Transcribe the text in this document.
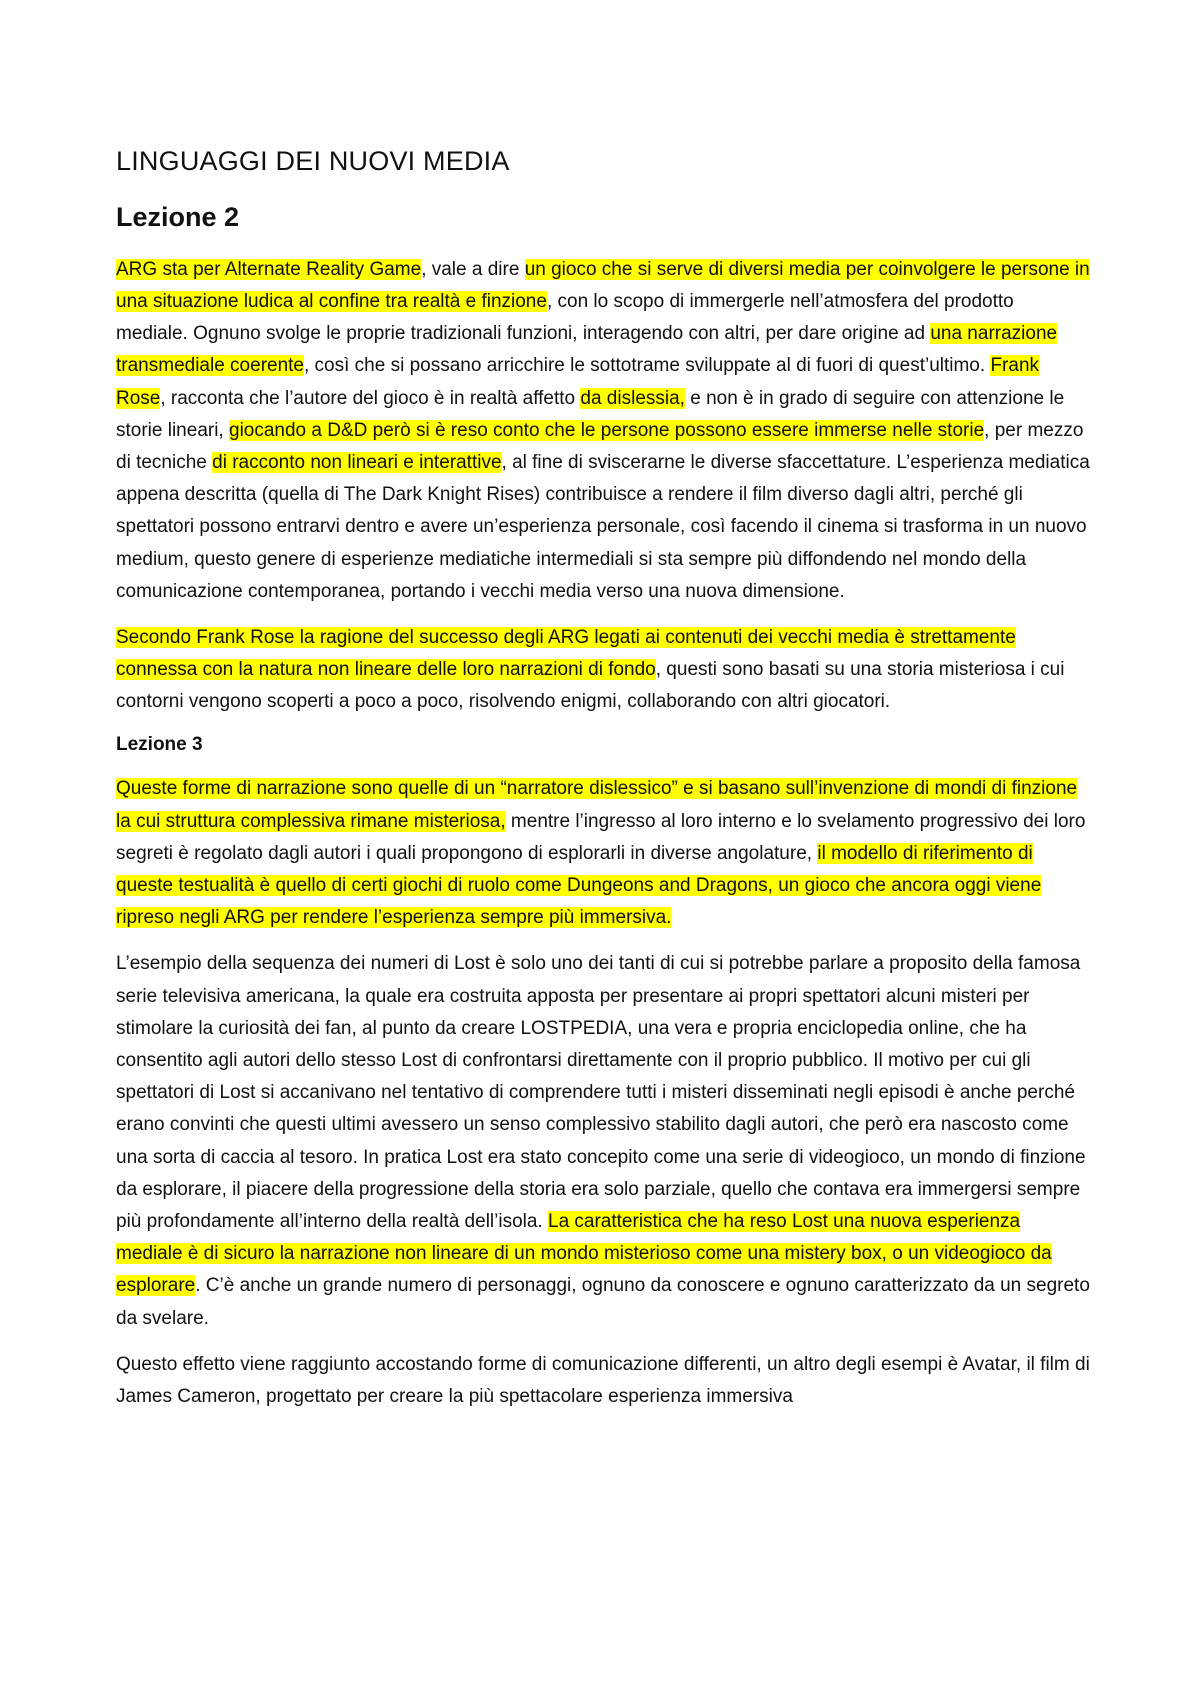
LINGUAGGI DEI NUOVI MEDIA
Lezione 2

ARG sta per Alternate Reality Game, vale a dire un gioco che si serve di diversi media per coinvolgere le persone in una situazione ludica al confine tra realtà e finzione, con lo scopo di immergerle nell’atmosfera del prodotto mediale. Ognuno svolge le proprie tradizionali funzioni, interagendo con altri, per dare origine ad una narrazione transmediale coerente, così che si possano arricchire le sottotrame sviluppate al di fuori di quest’ultimo. Frank Rose, racconta che l’autore del gioco è in realtà affetto da dislessia, e non è in grado di seguire con attenzione le storie lineari, giocando a D&D però si è reso conto che le persone possono essere immerse nelle storie, per mezzo di tecniche di racconto non lineari e interattive, al fine di sviscerarne le diverse sfaccettature. L’esperienza mediatica appena descritta (quella di The Dark Knight Rises) contribuisce a rendere il film diverso dagli altri, perché gli spettatori possono entrarvi dentro e avere un’esperienza personale, così facendo il cinema si trasforma in un nuovo medium, questo genere di esperienze mediatiche intermediali si sta sempre più diffondendo nel mondo della comunicazione contemporanea, portando i vecchi media verso una nuova dimensione.

Secondo Frank Rose la ragione del successo degli ARG legati ai contenuti dei vecchi media è strettamente connessa con la natura non lineare delle loro narrazioni di fondo, questi sono basati su una storia misteriosa i cui contorni vengono scoperti a poco a poco, risolvendo enigmi, collaborando con altri giocatori.

Lezione 3

Queste forme di narrazione sono quelle di un “narratore dislessico” e si basano sull’invenzione di mondi di finzione la cui struttura complessiva rimane misteriosa, mentre l’ingresso al loro interno e lo svelamento progressivo dei loro segreti è regolato dagli autori i quali propongono di esplorarli in diverse angolature, il modello di riferimento di queste testualità è quello di certi giochi di ruolo come Dungeons and Dragons, un gioco che ancora oggi viene ripreso negli ARG per rendere l’esperienza sempre più immersiva.

L’esempio della sequenza dei numeri di Lost è solo uno dei tanti di cui si potrebbe parlare a proposito della famosa serie televisiva americana, la quale era costruita apposta per presentare ai propri spettatori alcuni misteri per stimolare la curiosità dei fan, al punto da creare LOSTPEDIA, una vera e propria enciclopedia online, che ha consentito agli autori dello stesso Lost di confrontarsi direttamente con il proprio pubblico. Il motivo per cui gli spettatori di Lost si accanivano nel tentativo di comprendere tutti i misteri disseminati negli episodi è anche perché erano convinti che questi ultimi avessero un senso complessivo stabilito dagli autori, che però era nascosto come una sorta di caccia al tesoro. In pratica Lost era stato concepito come una serie di videogioco, un mondo di finzione da esplorare, il piacere della progressione della storia era solo parziale, quello che contava era immergersi sempre più profondamente all’interno della realtà dell’isola. La caratteristica che ha reso Lost una nuova esperienza mediale è di sicuro la narrazione non lineare di un mondo misterioso come una mistery box, o un videogioco da esplorare. C’è anche un grande numero di personaggi, ognuno da conoscere e ognuno caratterizzato da un segreto da svelare.

Questo effetto viene raggiunto accostando forme di comunicazione differenti, un altro degli esempi è Avatar, il film di James Cameron, progettato per creare la più spettacolare esperienza immersiva
